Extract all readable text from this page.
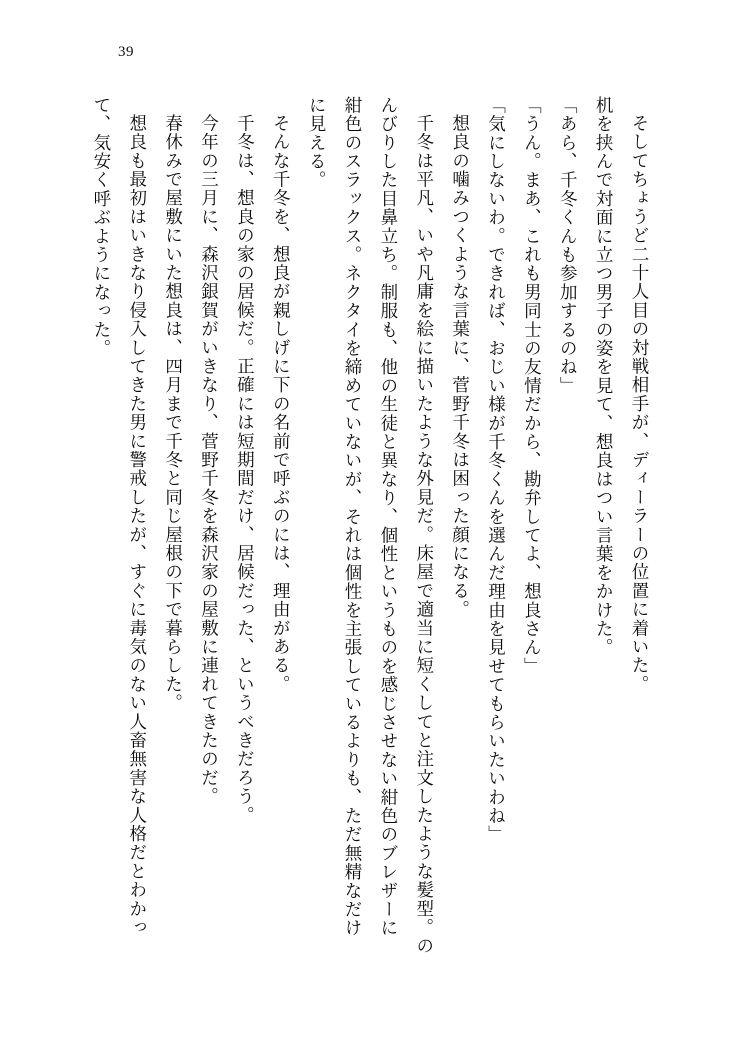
39

そしてちょうど二十人目の対戦相手が、ディーラーの位置に着いた。

机を挟んで対面に立つ男子の姿を見て、想良はつい言葉をかけた。

「あら、千冬くんも参加するのね」

「うん。まあ、これも男同士の友情だから、勘弁してよ、想良さん」

「気にしないわ。できれば、おじい様が千冬くんを選んだ理由を見せてもらいたいわね」

想良の噛みつくような言葉に、菅野千冬は困った顔になる。

千冬は平凡、いや凡庸を絵に描いたような外見だ。床屋で適当に短くしてと注文したような髪型。のんびりした目鼻立ち。制服も、他の生徒と異なり、個性というものを感じさせない紺色のブレザーに紺色のスラックス。ネクタイを締めていないが、それは個性を主張しているよりも、ただ無精なだけに見える。

そんな千冬を、想良が親しげに下の名前で呼ぶのには、理由がある。

千冬は、想良の家の居候だ。正確には短期間だけ、居候だった、というべきだろう。

今年の三月に、森沢銀賀がいきなり、菅野千冬を森沢家の屋敷に連れてきたのだ。

春休みで屋敷にいた想良は、四月まで千冬と同じ屋根の下で暮らした。

想良も最初はいきなり侵入してきた男に警戒したが、すぐに毒気のない人畜無害な人格だとわかって、気安く呼ぶようになった。
